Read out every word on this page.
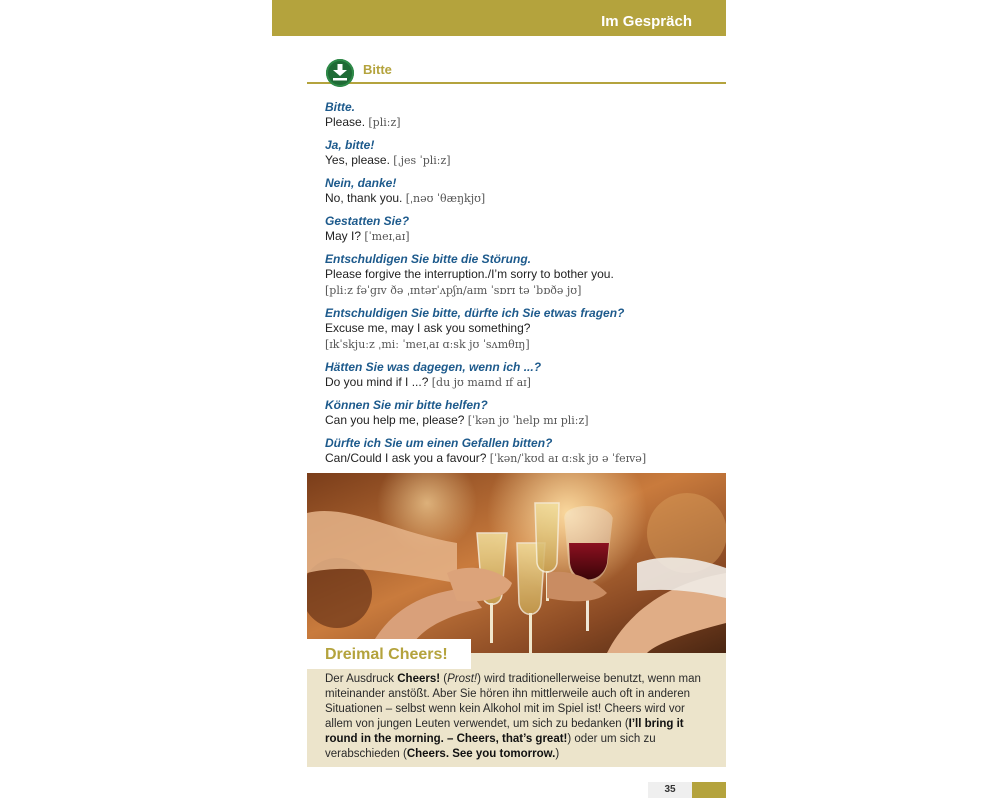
Im Gespräch
Bitte
Bitte.
Please. [pliːz]
Ja, bitte!
Yes, please. [ˌjes ˈpliːz]
Nein, danke!
No, thank you. [ˌnəʊ ˈθæŋkjʊ]
Gestatten Sie?
May I? [ˈmeɪˌaɪ]
Entschuldigen Sie bitte die Störung.
Please forgive the interruption./I’m sorry to bother you.
[pliːz fəˈgɪv ðə ˌɪntərˈʌpʃn/aɪm ˈsɒrɪ tə ˈbɒðə jʊ]
Entschuldigen Sie bitte, dürfte ich Sie etwas fragen?
Excuse me, may I ask you something?
[ɪkˈskjuːz ˌmiː ˈmeɪˌaɪ ɑːsk jʊ ˈsʌmθɪŋ]
Hätten Sie was dagegen, wenn ich ...?
Do you mind if I ...? [du jʊ maɪnd ɪf aɪ]
Können Sie mir bitte helfen?
Can you help me, please? [ˈkən jʊ ˈhelp mɪ pliːz]
Dürfte ich Sie um einen Gefallen bitten?
Can/Could I ask you a favour? [ˈkən/ˈkʊd aɪ ɑːsk jʊ ə ˈfeɪvə]
Dreimal Cheers!
Der Ausdruck Cheers! (Prost!) wird traditionellerweise benutzt, wenn man miteinander anstößt. Aber Sie hören ihn mittlerweile auch oft in anderen Situationen – selbst wenn kein Alkohol mit im Spiel ist! Cheers wird vor allem von jungen Leuten verwendet, um sich zu bedanken (I’ll bring it round in the morning. – Cheers, that’s great!) oder um sich zu verabschieden (Cheers. See you tomorrow.)
35
